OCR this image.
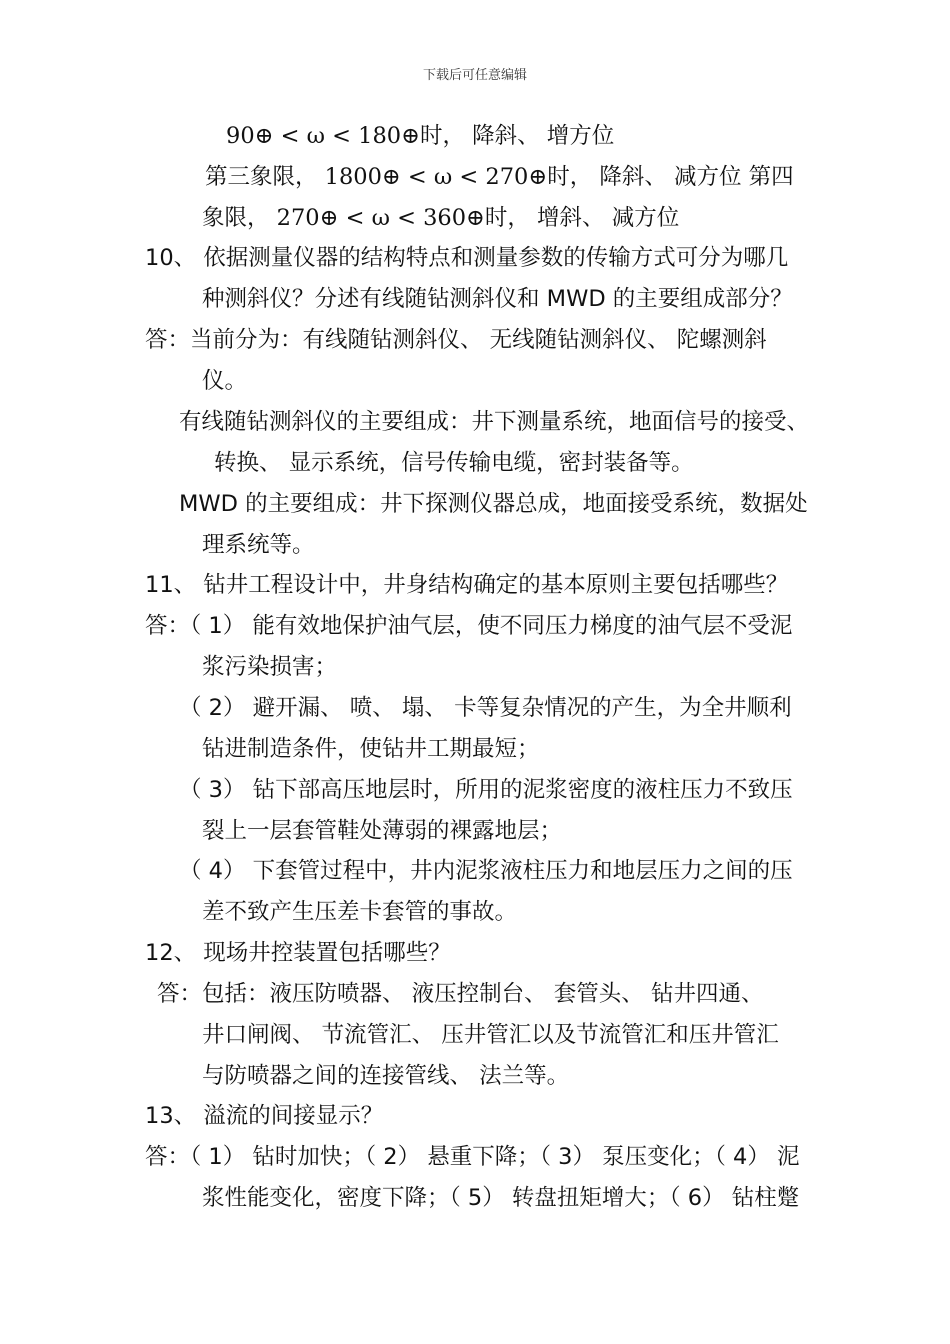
下载后可任意编辑
90⊕ < ω < 180⊕时， 降斜、 增方位
第三象限， 1800⊕ < ω < 270⊕时， 降斜、 减方位 第四
象限， 270⊕ < ω < 360⊕时， 增斜、 减方位
10、 依据测量仪器的结构特点和测量参数的传输方式可分为哪几
种测斜仪？分述有线随钻测斜仪和 MWD 的主要组成部分？
答：当前分为：有线随钻测斜仪、 无线随钻测斜仪、 陀螺测斜
仪。
有线随钻测斜仪的主要组成：井下测量系统，地面信号的接受、
转换、 显示系统，信号传输电缆，密封装备等。
MWD 的主要组成：井下探测仪器总成，地面接受系统，数据处
理系统等。
11、 钻井工程设计中，井身结构确定的基本原则主要包括哪些？
答：（ 1） 能有效地保护油气层，使不同压力梯度的油气层不受泥
浆污染损害；
（ 2） 避开漏、 喷、 塌、 卡等复杂情况的产生，为全井顺利
钻进制造条件，使钻井工期最短；
（ 3） 钻下部高压地层时，所用的泥浆密度的液柱压力不致压
裂上一层套管鞋处薄弱的裸露地层；
（ 4） 下套管过程中，井内泥浆液柱压力和地层压力之间的压
差不致产生压差卡套管的事故。
12、 现场井控装置包括哪些？
答：包括：液压防喷器、 液压控制台、 套管头、 钻井四通、
井口闸阀、 节流管汇、 压井管汇以及节流管汇和压井管汇
与防喷器之间的连接管线、 法兰等。
13、 溢流的间接显示？
答：（ 1） 钻时加快；（ 2） 悬重下降；（ 3） 泵压变化；（ 4） 泥
浆性能变化，密度下降；（ 5） 转盘扭矩增大；（ 6） 钻柱蹩
